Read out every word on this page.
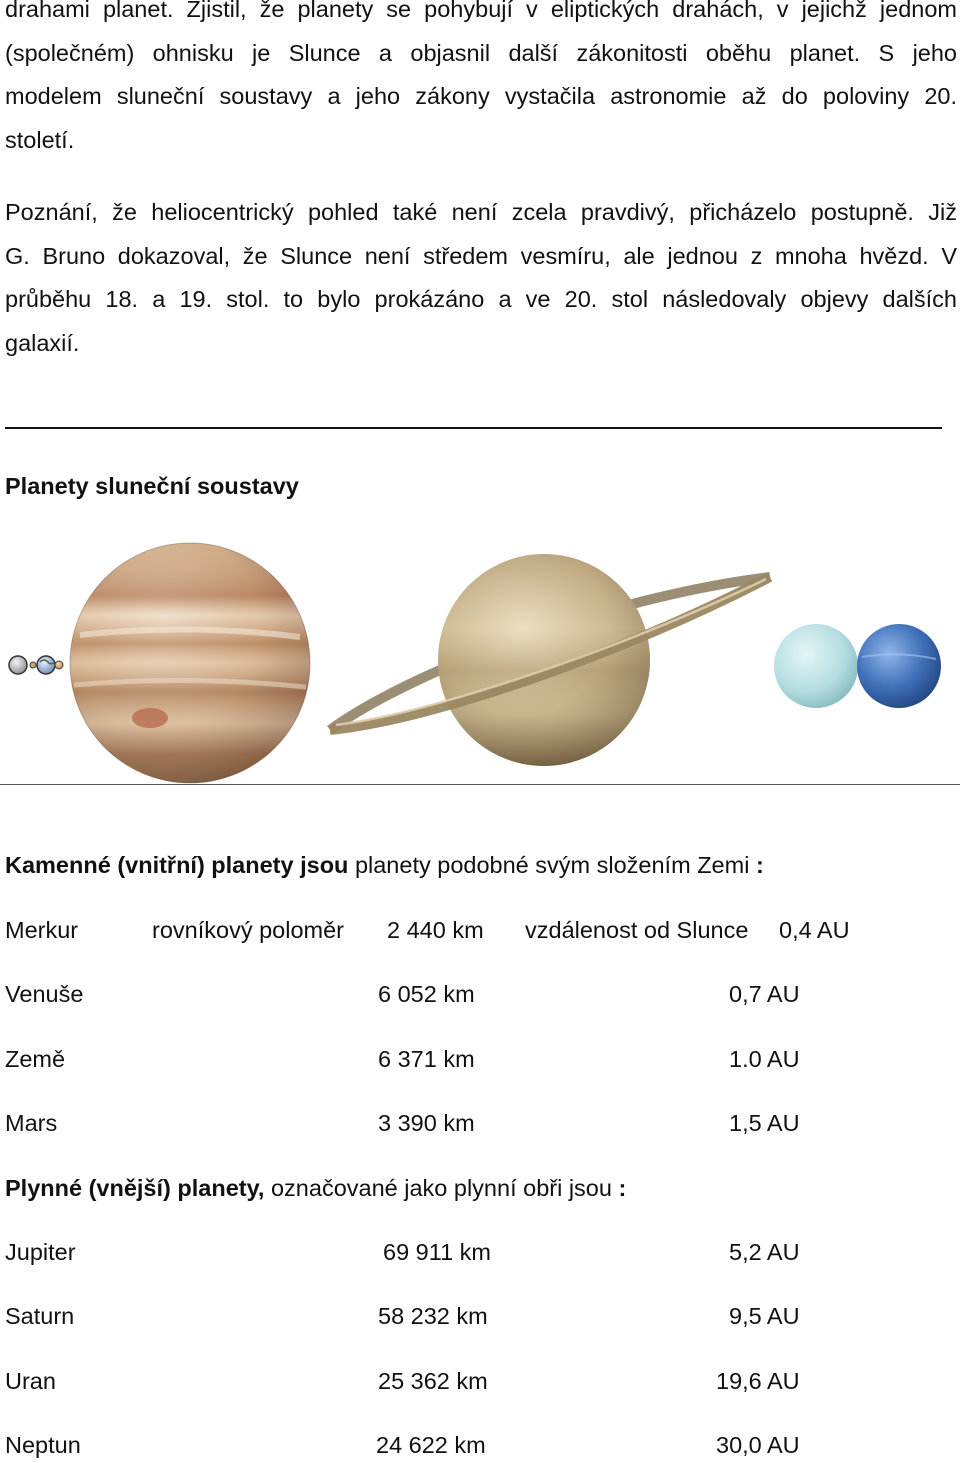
drahami planet. Zjistil, že planety se pohybují v eliptických drahách, v jejichž jednom
(společném) ohnisku je Slunce a objasnil další zákonitosti oběhu planet. S jeho
modelem sluneční soustavy a jeho zákony vystačila astronomie až do poloviny 20.
století.
Poznání, že heliocentrický pohled také není zcela pravdivý, přicházelo postupně. Již
G. Bruno dokazoval, že Slunce není středem vesmíru, ale jednou z mnoha hvězd. V
průběhu 18. a 19. stol. to bylo prokázáno a ve 20. stol následovaly objevy dalších
galaxií.
Planety sluneční soustavy
Kamenné (vnitřní) planety jsou planety podobné svým složením Zemi :
Merkur	rovníkový poloměr 2 440 km vzdálenost od Slunce 0,4 AU
Venuše	6 052 km	0,7 AU
Země	6 371 km	1.0 AU
Mars	3 390 km	1,5 AU
Plynné (vnější) planety, označované jako plynní obři jsou :
Jupiter	69 911 km	5,2 AU
Saturn	58 232 km	9,5 AU
Uran	25 362 km	19,6 AU
Neptun	24 622 km	30,0 AU
